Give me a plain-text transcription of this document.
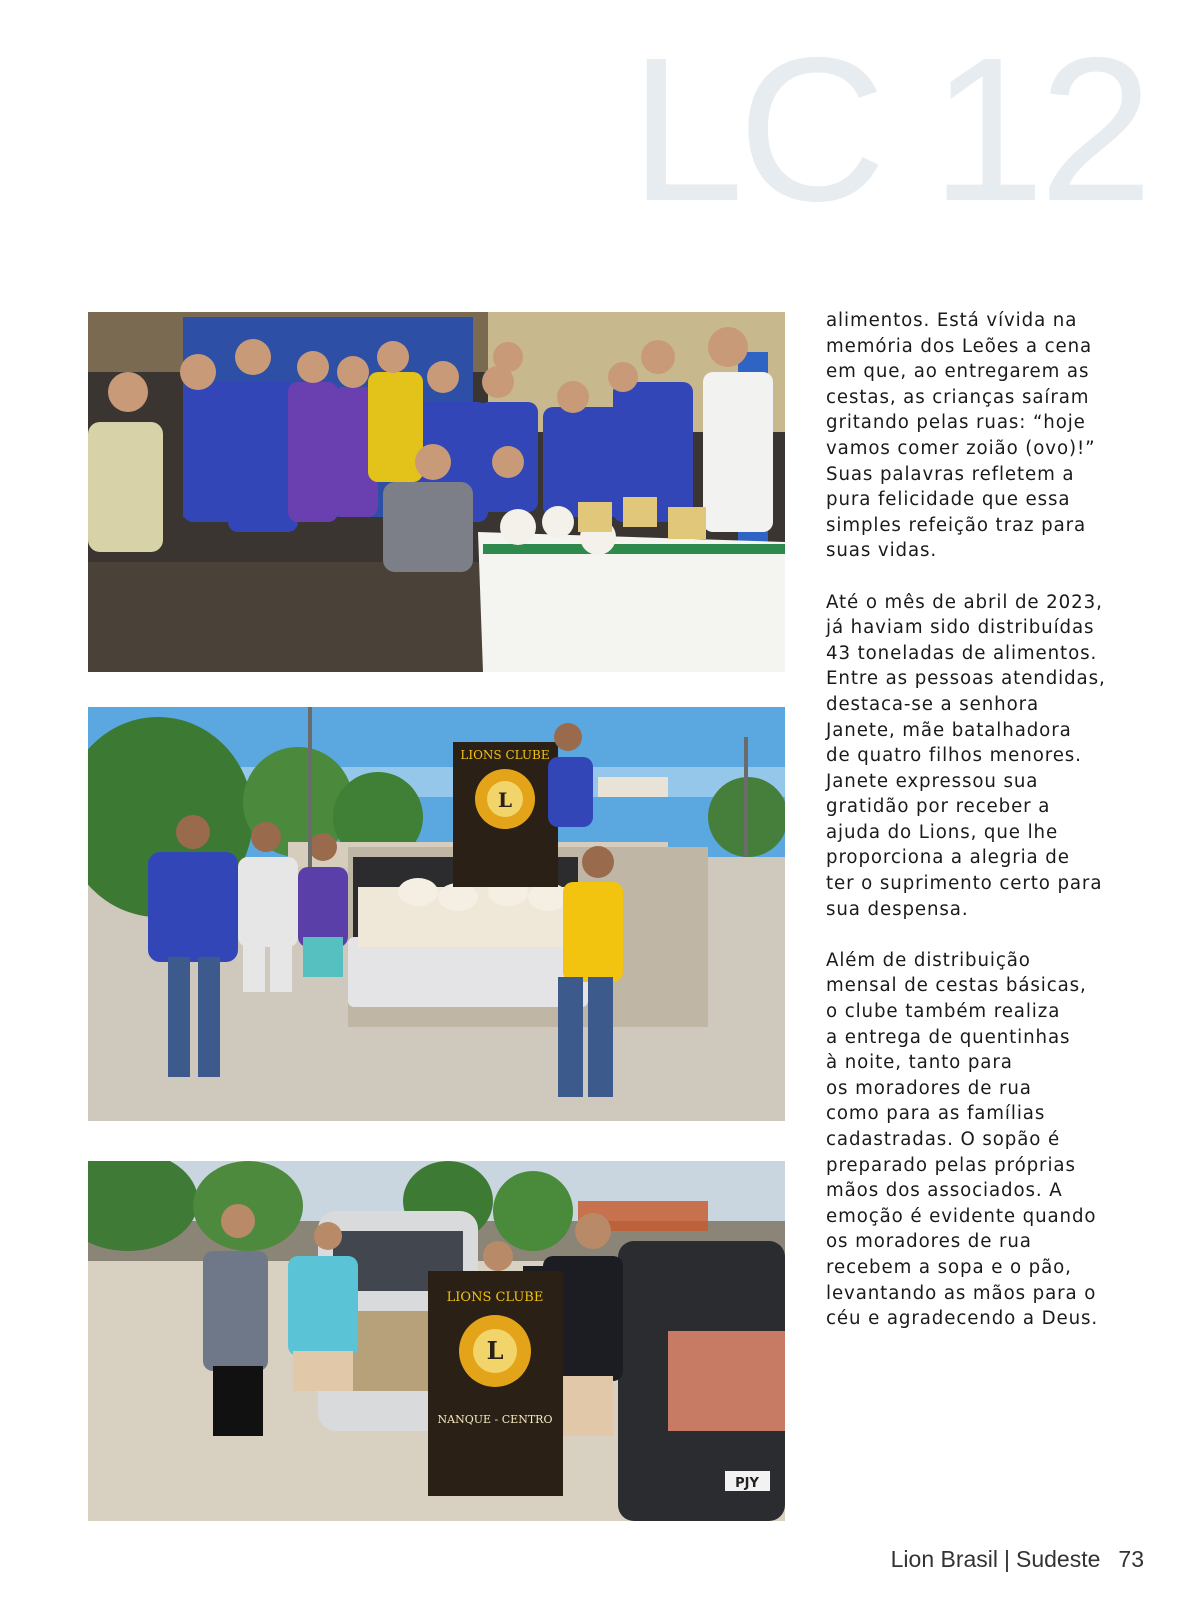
LC 12
LIONS CLUBE
L
PJY
L
LIONS CLUBE
NANQUE - CENTRO

alimentos. Está vívida na
memória dos Leões a cena
em que, ao entregarem as
cestas, as crianças saíram
gritando pelas ruas: “hoje
vamos comer zoião (ovo)!”
Suas palavras refletem a
pura felicidade que essa
simples refeição traz para
suas vidas.

Até o mês de abril de 2023,
já haviam sido distribuídas
43 toneladas de alimentos.
Entre as pessoas atendidas,
destaca-se a senhora
Janete, mãe batalhadora
de quatro filhos menores.
Janete expressou sua
gratidão por receber a
ajuda do Lions, que lhe
proporciona a alegria de
ter o suprimento certo para
sua despensa.

Além de distribuição
mensal de cestas básicas,
o clube também realiza
a entrega de quentinhas
à noite, tanto para
os moradores de rua
como para as famílias
cadastradas. O sopão é
preparado pelas próprias
mãos dos associados. A
emoção é evidente quando
os moradores de rua
recebem a sopa e o pão,
levantando as mãos para o
céu e agradecendo a Deus.

Lion Brasil | Sudeste 73
